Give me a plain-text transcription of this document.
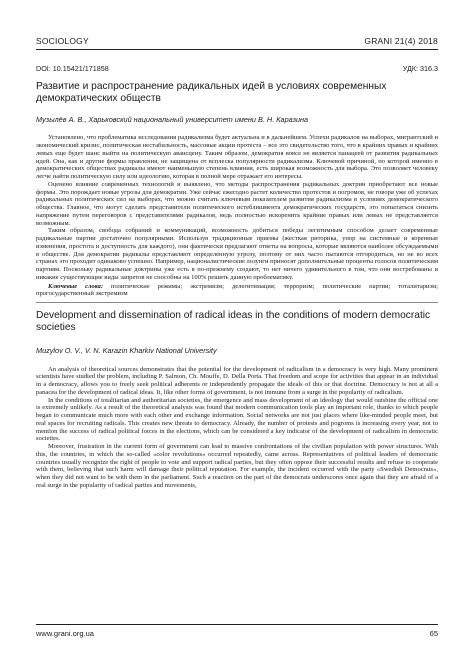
SOCIOLOGY	GRANI 21(4) 2018
DOI: 10.15421/171858	УДК: 316.3
Развитие и распространение радикальных идей в условиях современных демократических обществ
Музылёв А. В., Харьковский национальный университет имени В. Н. Каразина

Установлено, что проблематика исследования радикализма будет актуальна и в дальнейшем. Успехи радикалов на выборах, мигрантский и экономический кризис, политическая нестабильность, массовые акции протеста – все это свидетельство того, что в крайних правых и крайних левых еще будет шанс выйти на политическую авансцену. Таким образом, демократия вовсе не является панацеей от развития радикальных идей. Она, как и другие формы правления, не защищена от всплеска популярности радикализма. Ключевой причиной, по которой именно в демократических обществах радикалы имеют наименьшую степень влияния, есть широкая возможность для выбора. Это позволяет человеку легче найти политическую силу или идеологию, которая в полной мере отражает его интересы.

Оценено влияние современных технологий и выявлено, что методы распространения радикальных доктрин приобретают все новые формы. Это порождает новые угрозы для демократии. Уже сейчас ежегодно растет количество протестов и погромов, не говоря уже об успехах радикальных политических сил на выборах, что можно считать ключевым показателем развития радикализма в условиях демократического общества. Главное, что могут сделать представители политического истеблишмента демократических государств, это попытаться снизить напряжение путем переговоров с представителями радикалов, ведь полностью искоренить крайние правых или левых не представляется возможным.

Таким образом, свобода собраний и коммуникаций, возможность добиться победы легитимным способом делает современные радикальные партии достаточно популярными. Используя традиционные приемы (жесткая риторика, упор на системные и коренные изменения, простота и доступность для каждого), они фактически предлагают ответы на вопросы, которые являются наиболее обсуждаемыми в обществе. Для демократии радикалы представляют определенную угрозу, поэтому от них часто пытаются отгородиться, но не во всех странах это проходит одинаково успешно. Например, националистические лозунги приносят дополнительные проценты голосов политическим партиям. Поскольку радикальные доктрины уже есть в по-прежнему создают, то нет ничего удивительного в том, что они востребованы и никакие существующие виды запретов не способны на 100% решить данную проблематику.

Ключевые слова: политические режимы; экстремизм; делегитимация; терроризм; политические партии; тоталитаризм; прогосударственный экстремизм

Development and dissemination of radical ideas in the conditions of modern democratic societies
Muzylov O. V., V. N. Karazin Kharkiv National University

An analysis of theoretical sources demonstrates that the potential for the development of radicalism in a democracy is very high. Many prominent scientists have studied the problem, including P. Salmon, Ch. Mouffe, D. Della Porta. That freedom and scope for activities that appear in an individual in a democracy, allows you to freely seek political adherents or independently propagate the ideals of this or that doctrine. Democracy is not at all a panacea for the development of radical ideas. It, like other forms of government, is not immune from a surge in the popularity of radicalism.

In the conditions of totalitarian and authoritarian societies, the emergence and mass development of an ideology that would outshine the official one is extremely unlikely. As a result of the theoretical analysis was found that modern communication tools play an important role, thanks to which people began to communicate much more with each other and exchange information. Social networks are not just places where like-minded people meet, but real spaces for recruiting radicals. This creates new threats to democracy. Already, the number of protests and pogroms is increasing every year, not to mention the success of radical political forces in the elections, which can be considered a key indicator of the development of radicalism in democratic societies.

Moreover, frustration in the current form of government can lead to massive confrontations of the civilian population with power structures. With this, the countries, in which the so-called «color revolutions» occurred repeatedly, came across. Representatives of political leaders of democratic countries usually recognize the right of people to vote and support radical parties, but they often oppose their successful results and refuse to cooperate with them, believing that such harm will damage their political reputation. For example, the incident occurred with the party «Swedish Democrats», when they did not want to be with them in the parliament. Such a reaction on the part of the democrats underscores once again that they are afraid of a real surge in the popularity of radical parties and movements,

www.grani.org.ua	65
